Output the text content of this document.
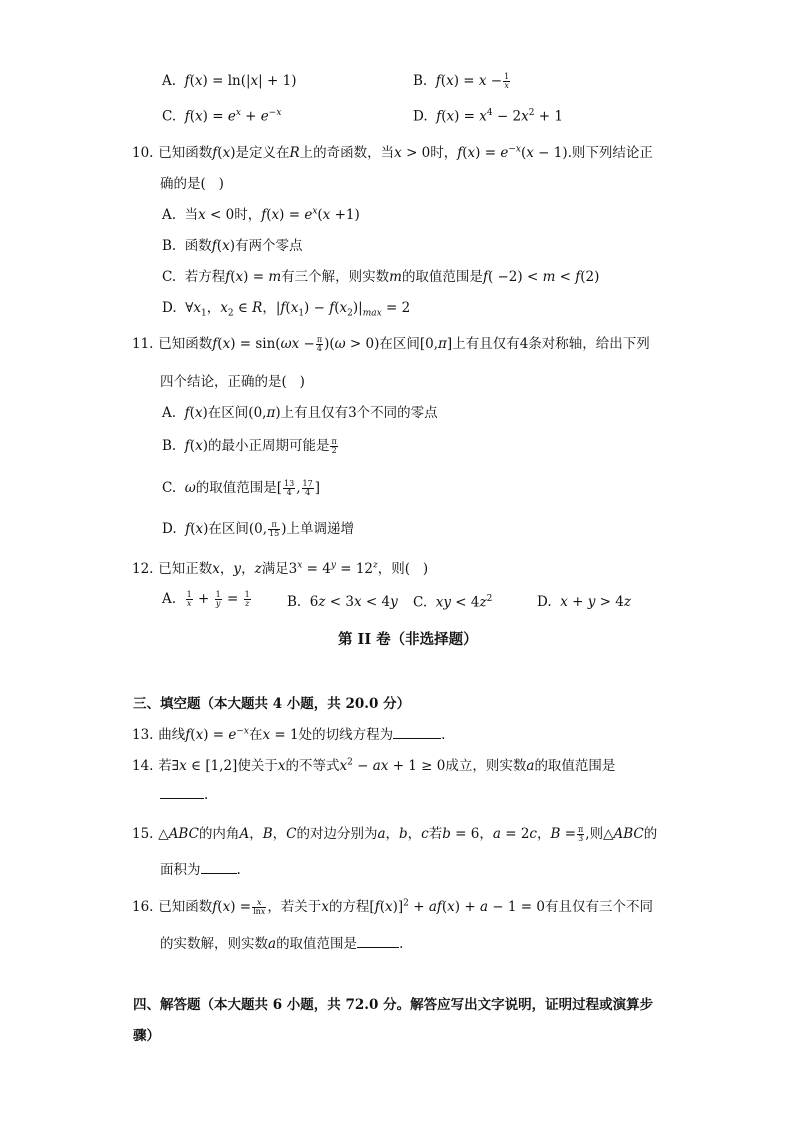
A.  f(x) = ln(|x| + 1)	B.  $f(x) = x - \frac{1}{x}$
C.  $f(x) = e^x + e^{-x}$	D.  $f(x) = x^4 - 2x^2 + 1$
10. 已知函数f(x)是定义在R上的奇函数，当x > 0时，$f(x) = e^{-x}(x - 1)$.则下列结论正
确的是(   )
A.  当x < 0时，$f(x) = e^x(x +1)$
B.  函数f(x)有两个零点
C.  若方程f(x) = m有三个解，则实数m的取值范围是f( −2) < m < f(2)
D.  $\forall x_1$，$x_2$ ∈ R，$|f(x_1) - f(x_2)|_{max} = 2$
11. 已知函数$f(x) = \sin(\omega x - \frac{\pi}{4} )(\omega > 0)$在区间[0,π]上有且仅有4条对称轴，给出下列
四个结论，正确的是(   )
A.  f(x)在区间(0,π)上有且仅有3个不同的零点
B.  f(x)的最小正周期可能是 $\frac{\pi}{2}$
C.  ω的取值范围是[ $\frac{13}{4}$ , $\frac{17}{4}$ ]
D.  f(x)在区间(0, $\frac{\pi}{15}$ )上单调递增
12. 已知正数x，y，z满足$3^x = 4^y = 12^z$，则(   )
A. $\frac{1}{x} + \frac{1}{y} = \frac{1}{z}$	B.  6z < 3x < 4y C.  xy < $4z^2$	D.  x + y > 4z
第 II 卷（非选择题）
三、填空题（本大题共 4 小题，共 20.0 分）
13. 曲线$f(x) = e^{-x}$在x = 1处的切线方程为	.
14. 若∃x ∈ [1,2]使关于x的不等式$x^2$ − ax + 1 ≥ 0成立，则实数a的取值范围是
.
15. △ABC的内角A，B，C的对边分别为a，b，c若b = 6，a = 2c，$B = \frac{\pi}{3}$ ,则△ABC的
面积为	.
16. 已知函数$f(x) = \frac{x}{\ln x}$ ，若关于x的方程$[f(x)]^2 + af(x) + a - 1 = 0$有且仅有三个不同
的实数解，则实数a的取值范围是	.
四、解答题（本大题共 6 小题，共 72.0 分。解答应写出文字说明，证明过程或演算步
骤）
